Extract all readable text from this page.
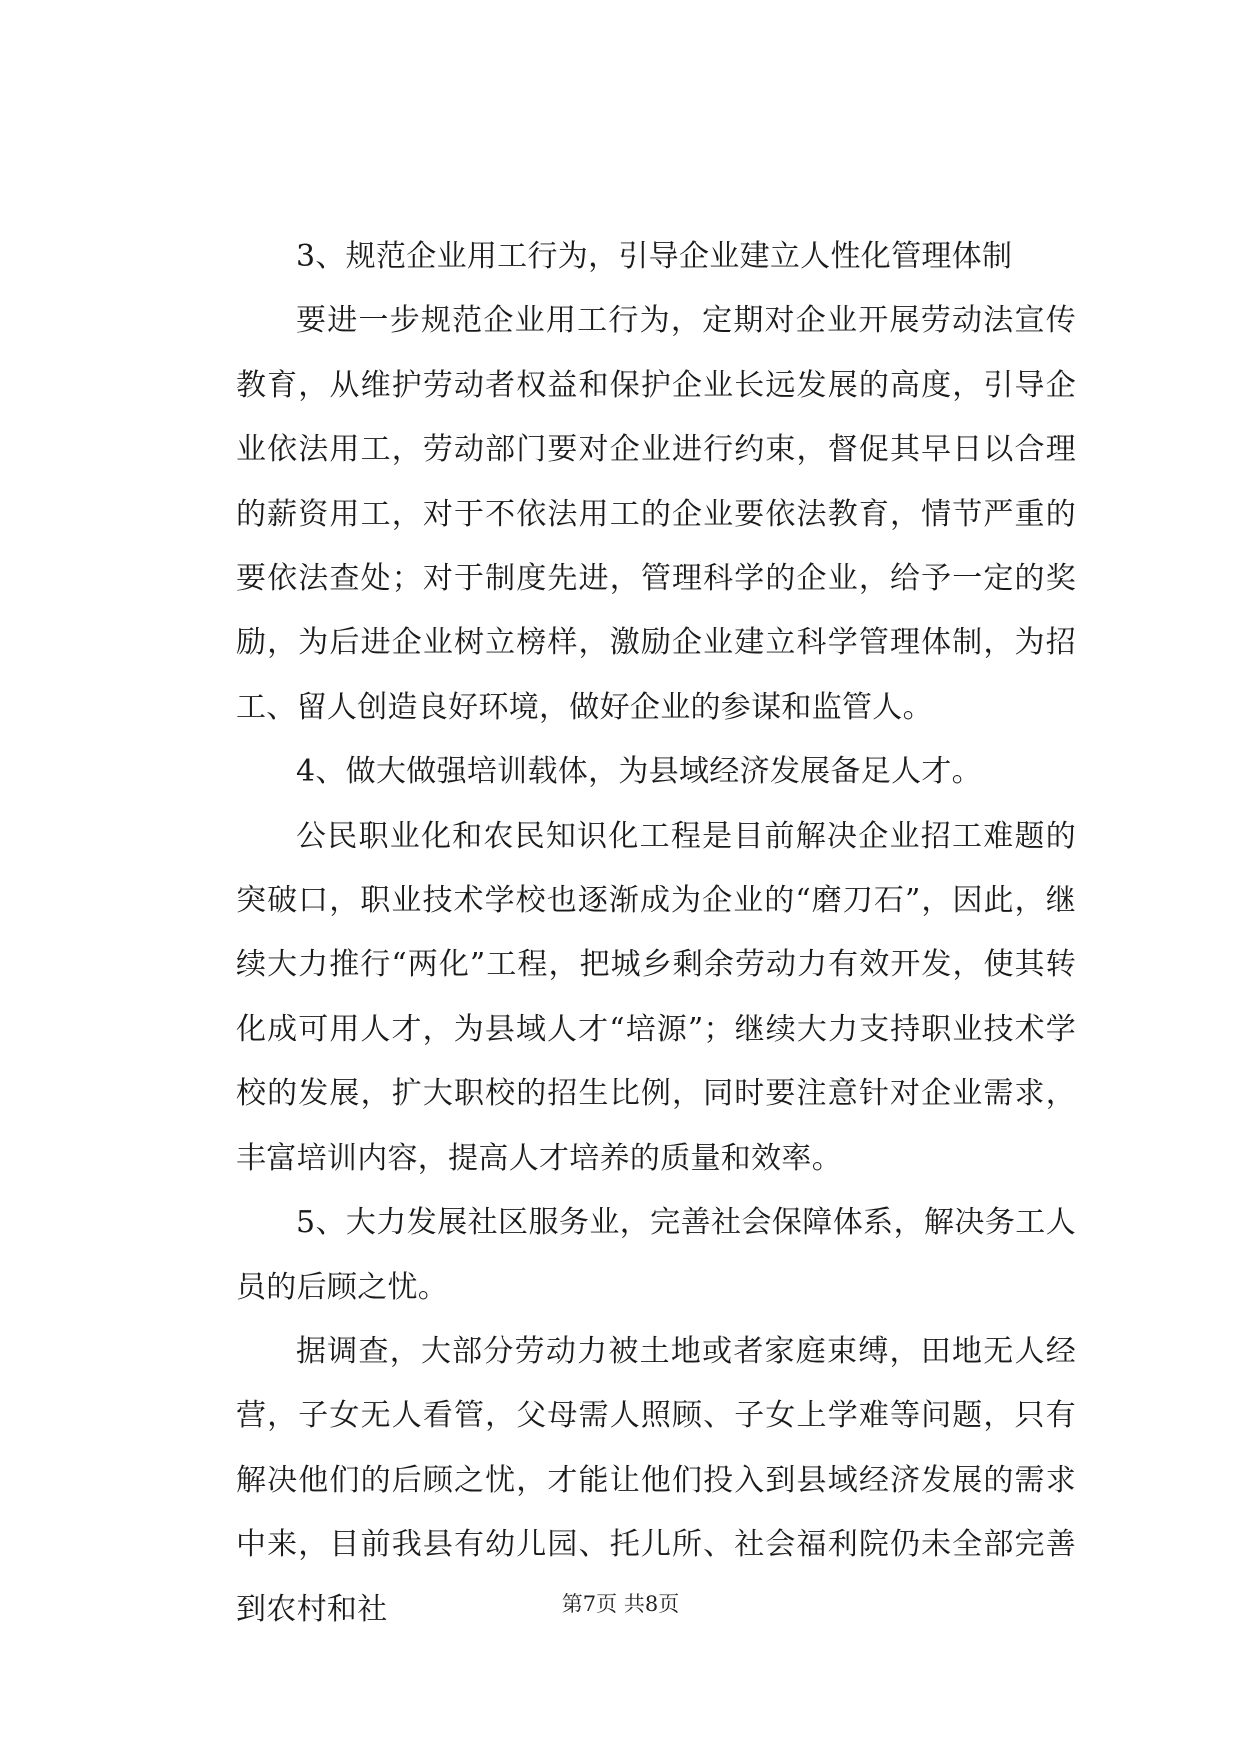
3、规范企业用工行为，引导企业建立人性化管理体制

要进一步规范企业用工行为，定期对企业开展劳动法宣传教育，从维护劳动者权益和保护企业长远发展的高度，引导企业依法用工，劳动部门要对企业进行约束，督促其早日以合理的薪资用工，对于不依法用工的企业要依法教育，情节严重的要依法查处；对于制度先进，管理科学的企业，给予一定的奖励，为后进企业树立榜样，激励企业建立科学管理体制，为招工、留人创造良好环境，做好企业的参谋和监管人。

4、做大做强培训载体，为县域经济发展备足人才。

公民职业化和农民知识化工程是目前解决企业招工难题的突破口，职业技术学校也逐渐成为企业的“磨刀石”，因此，继续大力推行“两化”工程，把城乡剩余劳动力有效开发，使其转化成可用人才，为县域人才“培源”；继续大力支持职业技术学校的发展，扩大职校的招生比例，同时要注意针对企业需求，丰富培训内容，提高人才培养的质量和效率。

5、大力发展社区服务业，完善社会保障体系，解决务工人员的后顾之忧。

据调查，大部分劳动力被土地或者家庭束缚，田地无人经营，子女无人看管，父母需人照顾、子女上学难等问题，只有解决他们的后顾之忧，才能让他们投入到县域经济发展的需求中来，目前我县有幼儿园、托儿所、社会福利院仍未全部完善到农村和社	第7页 共8页
